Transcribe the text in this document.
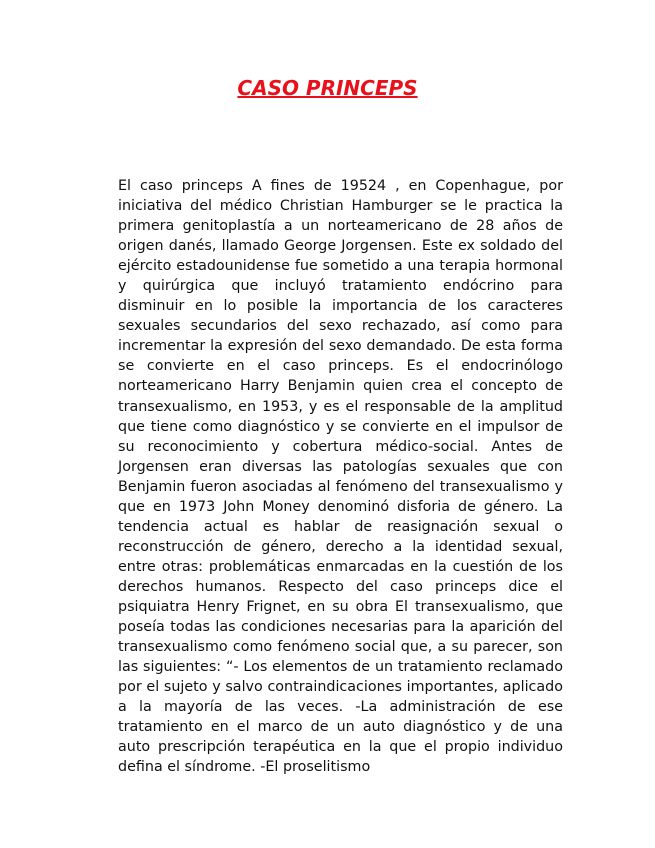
CASO PRINCEPS

El caso princeps A fines de 19524 , en Copenhague, por iniciativa del médico Christian Hamburger se le practica la primera genitoplastía a un norteamericano de 28 años de origen danés, llamado George Jorgensen. Este ex soldado del ejército estadounidense fue sometido a una terapia hormonal y quirúrgica que incluyó tratamiento endócrino para disminuir en lo posible la importancia de los caracteres sexuales secundarios del sexo rechazado, así como para incrementar la expresión del sexo demandado. De esta forma se convierte en el caso princeps. Es el endocrinólogo norteamericano Harry Benjamin quien crea el concepto de transexualismo, en 1953, y es el responsable de la amplitud que tiene como diagnóstico y se convierte en el impulsor de su reconocimiento y cobertura médico-social. Antes de Jorgensen eran diversas las patologías sexuales que con Benjamin fueron asociadas al fenómeno del transexualismo y que en 1973 John Money denominó disforia de género. La tendencia actual es hablar de reasignación sexual o reconstrucción de género, derecho a la identidad sexual, entre otras: problemáticas enmarcadas en la cuestión de los derechos humanos. Respecto del caso princeps dice el psiquiatra Henry Frignet, en su obra El transexualismo, que poseía todas las condiciones necesarias para la aparición del transexualismo como fenómeno social que, a su parecer, son las siguientes: “- Los elementos de un tratamiento reclamado por el sujeto y salvo contraindicaciones importantes, aplicado a la mayoría de las veces. -La administración de ese tratamiento en el marco de un auto diagnóstico y de una auto prescripción terapéutica en la que el propio individuo defina el síndrome. -El proselitismo
